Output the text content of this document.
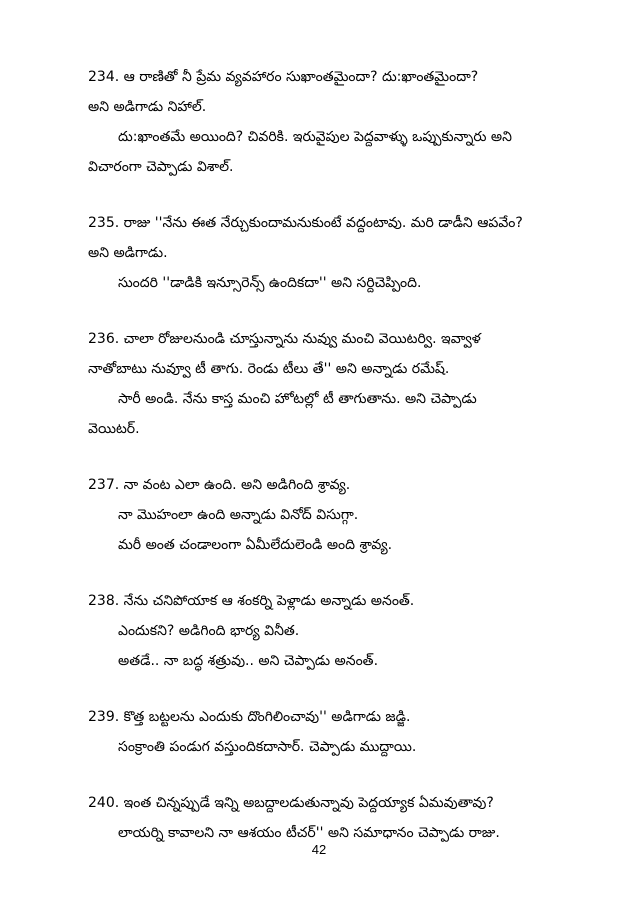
234. ఆ రాణితో నీ ప్రేమ వ్యవహారం సుఖాంతమైందా? దు:ఖాంతమైందా?
అని అడిగాడు నిహాల్.
దు:ఖాంతమే అయింది? చివరికి. ఇరువైపుల పెద్దవాళ్ళు ఒప్పుకున్నారు అని
విచారంగా చెప్పాడు విశాల్.
235. రాజు ''నేను ఈత నేర్చుకుందామనుకుంటే వద్దంటావు. మరి డాడీని ఆపవేం?
అని అడిగాడు.
సుందరి ''డాడికి ఇన్సూరెన్స్ ఉందికదా'' అని సర్దిచెప్పింది.
236. చాలా రోజులనుండి చూస్తున్నాను నువ్వు మంచి వెయిటర్వి. ఇవ్వాళ
నాతోబాటు నువ్వూ టీ తాగు. రెండు టీలు తే'' అని అన్నాడు రమేష్.
సారీ అండి. నేను కాస్త మంచి హోటల్లో టీ తాగుతాను. అని చెప్పాడు
వెయిటర్.
237. నా వంట ఎలా ఉంది. అని అడిగింది శ్రావ్య.
నా మొహంలా ఉంది అన్నాడు వినోద్ విసుగ్గా.
మరీ అంత చండాలంగా ఏమీలేదులెండి అంది శ్రావ్య.
238. నేను చనిపోయాక ఆ శంకర్ని పెళ్లాడు అన్నాడు అనంత్.
ఎందుకని? అడిగింది భార్య వినీత.
అతడే.. నా బద్ధ శత్రువు.. అని చెప్పాడు అనంత్.
239. కొత్త బట్టలను ఎందుకు దొంగిలించావు'' అడిగాడు జడ్జి.
సంక్రాంతి పండుగ వస్తుందికదాసార్. చెప్పాడు ముద్దాయి.
240. ఇంత చిన్నప్పుడే ఇన్ని అబద్దాలడుతున్నావు పెద్దయ్యాక ఏమవుతావు?
లాయర్ని కావాలని నా ఆశయం టీచర్'' అని సమాధానం చెప్పాడు రాజు.
42
